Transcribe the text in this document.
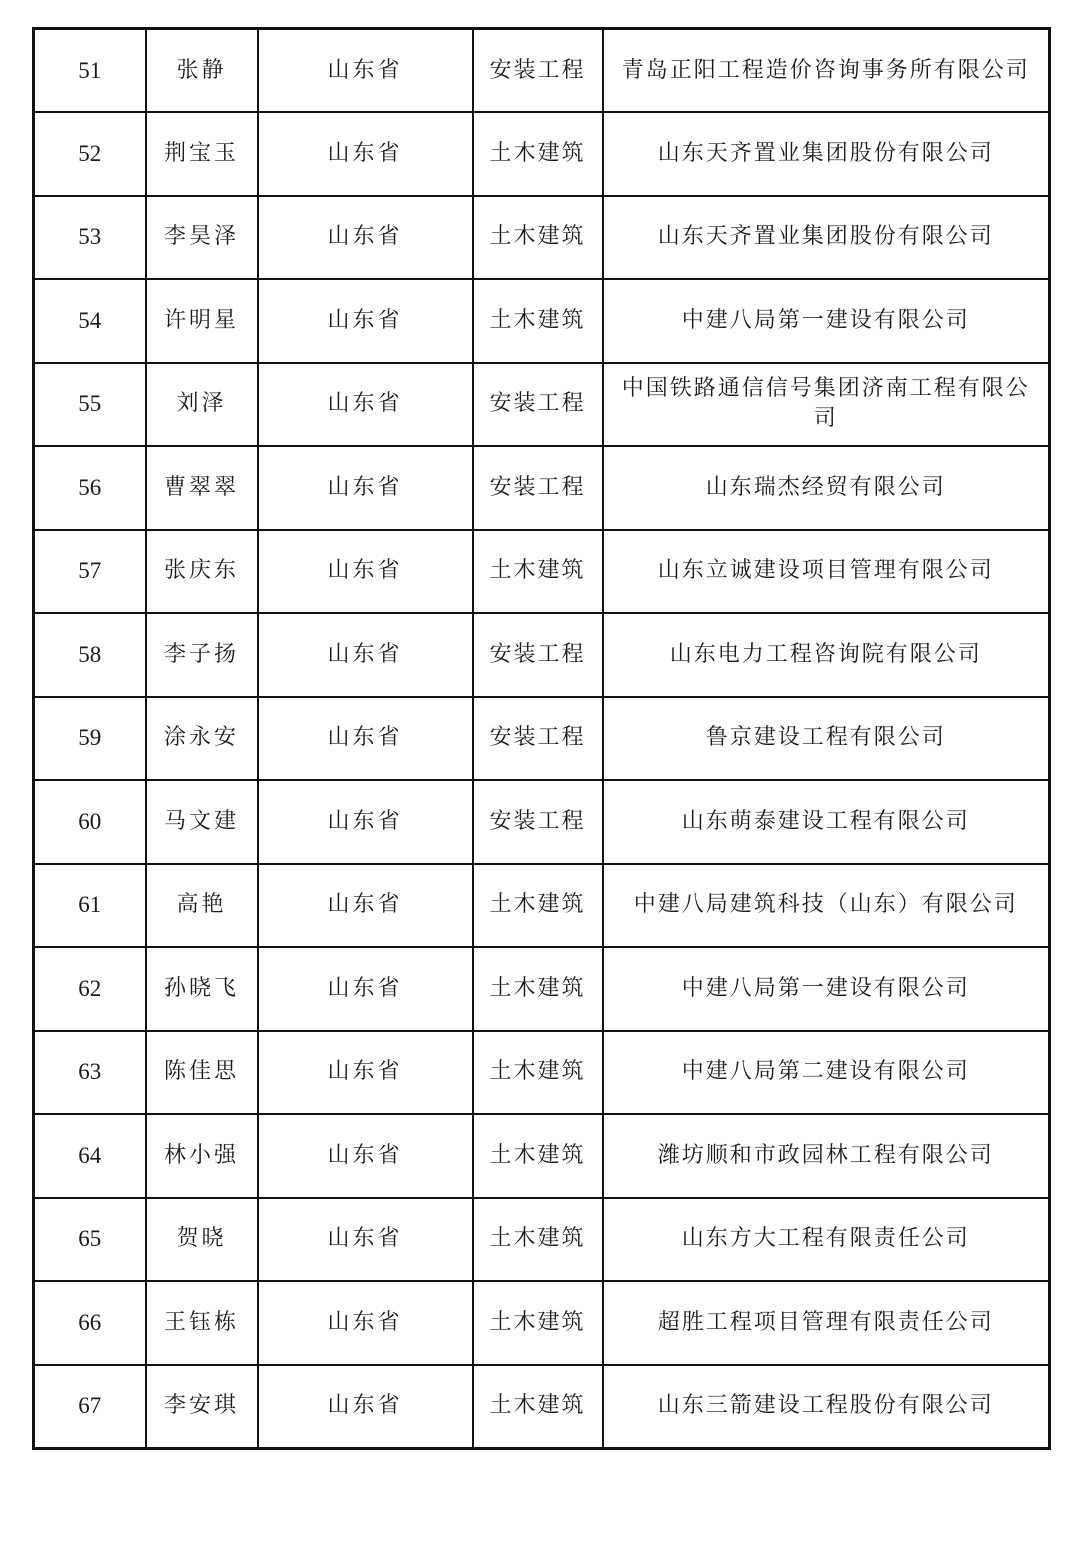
51	张静	山东省	安装工程	青岛正阳工程造价咨询事务所有限公司
52	荆宝玉	山东省	土木建筑	山东天齐置业集团股份有限公司
53	李昊泽	山东省	土木建筑	山东天齐置业集团股份有限公司
54	许明星	山东省	土木建筑	中建八局第一建设有限公司
55	刘泽	山东省	安装工程	中国铁路通信信号集团济南工程有限公司
56	曹翠翠	山东省	安装工程	山东瑞杰经贸有限公司
57	张庆东	山东省	土木建筑	山东立诚建设项目管理有限公司
58	李子扬	山东省	安装工程	山东电力工程咨询院有限公司
59	涂永安	山东省	安装工程	鲁京建设工程有限公司
60	马文建	山东省	安装工程	山东萌泰建设工程有限公司
61	高艳	山东省	土木建筑	中建八局建筑科技（山东）有限公司
62	孙晓飞	山东省	土木建筑	中建八局第一建设有限公司
63	陈佳思	山东省	土木建筑	中建八局第二建设有限公司
64	林小强	山东省	土木建筑	潍坊顺和市政园林工程有限公司
65	贺晓	山东省	土木建筑	山东方大工程有限责任公司
66	王钰栋	山东省	土木建筑	超胜工程项目管理有限责任公司
67	李安琪	山东省	土木建筑	山东三箭建设工程股份有限公司
